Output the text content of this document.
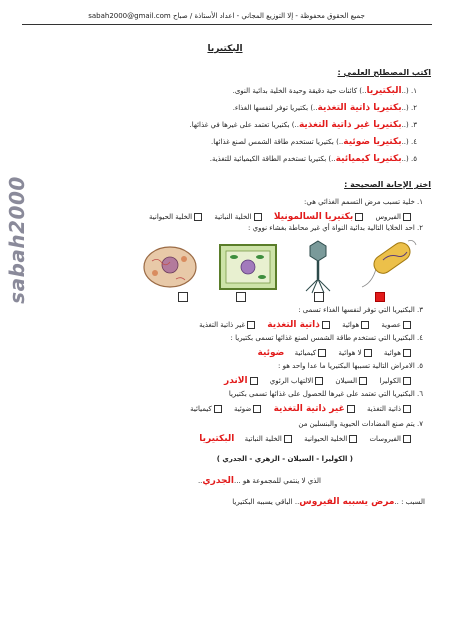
جميع الحقوق محفوظة - إلا التوزيع المجاني - اعداد الأستاذة / صباح sabah2000@gmail.com
sabah2000
البكتيريا
اكتب المصطلح العلمي :
١. (..البكتيريا..) كائنات حية دقيقة وحيدة الخلية بدائية النوى.
٢. (..بكتيريا ذاتية التغذية..) بكتيريا توفر لنفسها الغذاء.
٣. (..بكتيريا غير ذاتية التغذية..) بكتيريا تعتمد على غيرها في غذائها.
٤. (..بكتيريا ضوئية..) بكتيريا تستخدم طاقة الشمس لصنع غذائها.
٥. (..بكتيريا كيميائية..) بكتيريا تستخدم الطاقة الكيميائية للتغذية.
اختر الإجابة الصحيحة :
١. خلية تسبب مرض التسمم الغذائي هي:
الفيروس بكتيريا السالمونيلا الخلية النباتية الخلية الحيوانية
٢. احد الخلايا التالية بدائية النواة أي غير محاطة بغشاء نووي :
٣. البكتيريا التي توفر لنفسها الغذاء تسمى :
عصوية هوائية ذاتية التغذية غير ذاتية التغذية
٤. البكتيريا التي تستخدم طاقة الشمس لصنع غذائها تسمى بكتيريا :
هوائية لا هوائية كيميائية ضوئية
٥. الامراض التالية تسببها البكتيريا ما عدا واحد هو :
الكوليرا السيلان الالتهاب الرئوي الاندر
٦. البكتيريا التي تعتمد على غيرها للحصول على غذائها تسمى بكتيريا
ذاتية التغذية غير ذاتية التغذية ضوئية كيميائية
٧. يتم صنع المضادات الحيوية والبنسلين من
الفيروسات الخلية الحيوانية الخلية النباتية البكتيريا
( الكوليرا - السيلان - الزهري - الجدري )
الذي لا ينتمي للمجموعة هو ...الجدري..
السبب : ..مرض يسببه الفيروس.. الباقي يسببه البكتيريا
